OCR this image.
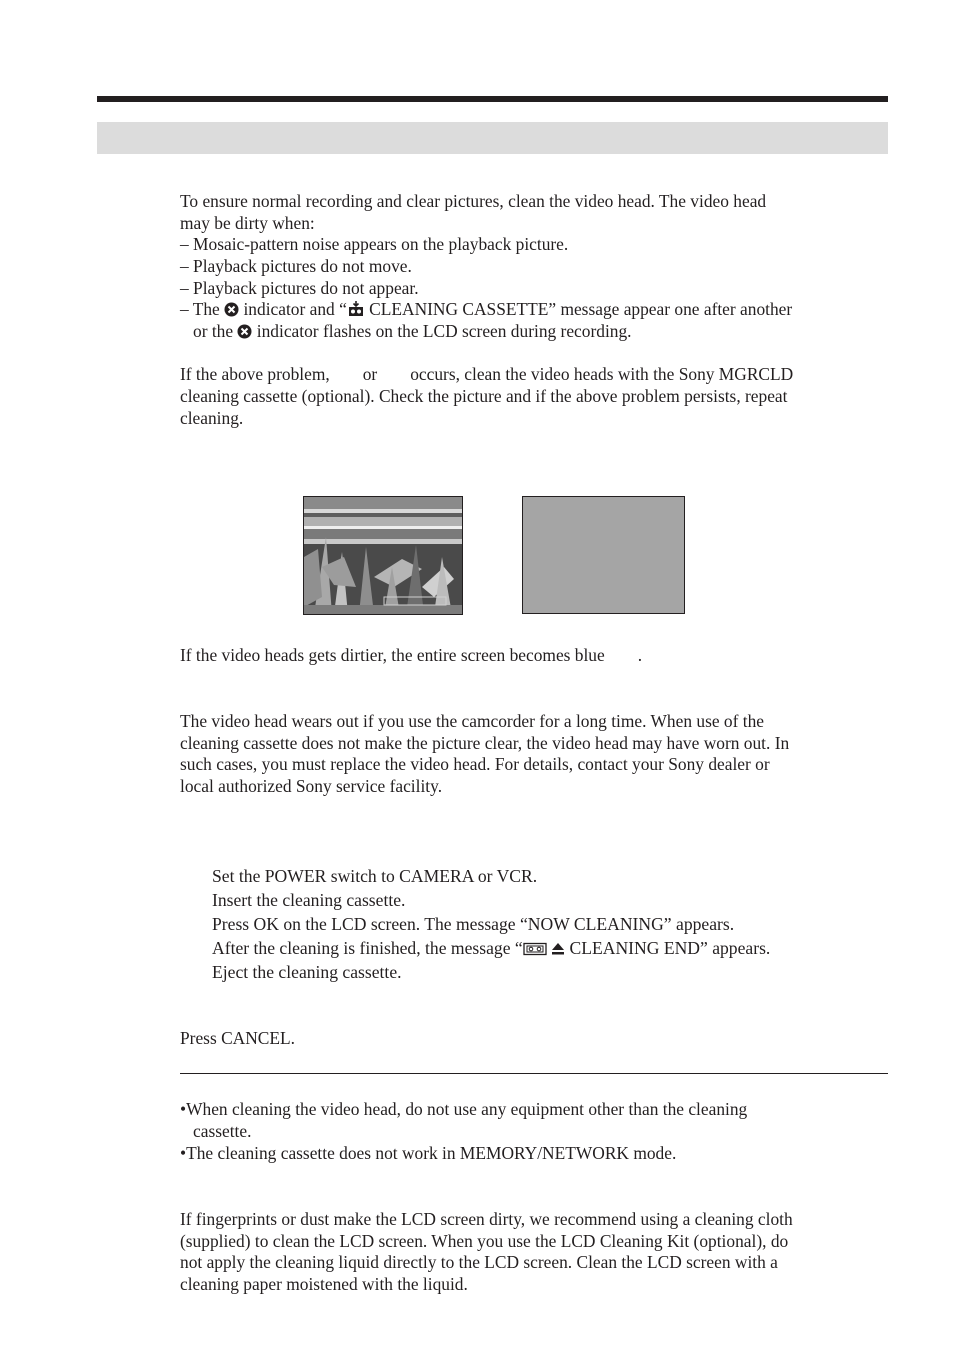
To ensure normal recording and clear pictures, clean the video head. The video head

may be dirty when:

– Mosaic-pattern noise appears on the playback picture.

– Playback pictures do not move.

– Playback pictures do not appear.

– The  indicator and “ CLEANING CASSETTE” message appear one after another

or the  indicator flashes on the LCD screen during recording.

If the above problem, or occurs, clean the video heads with the Sony MGRCLD

cleaning cassette (optional). Check the picture and if the above problem persists, repeat

cleaning.

If the video heads gets dirtier, the entire screen becomes blue .

The video head wears out if you use the camcorder for a long time. When use of the

cleaning cassette does not make the picture clear, the video head may have worn out. In

such cases, you must replace the video head. For details, contact your Sony dealer or

local authorized Sony service facility.

Set the POWER switch to CAMERA or VCR.

Insert the cleaning cassette.

Press OK on the LCD screen. The message “NOW CLEANING” appears.

After the cleaning is finished, the message “  CLEANING END” appears.

Eject the cleaning cassette.

Press CANCEL.

•When cleaning the video head, do not use any equipment other than the cleaning

cassette.

•The cleaning cassette does not work in MEMORY/NETWORK mode.

If fingerprints or dust make the LCD screen dirty, we recommend using a cleaning cloth

(supplied) to clean the LCD screen. When you use the LCD Cleaning Kit (optional), do

not apply the cleaning liquid directly to the LCD screen. Clean the LCD screen with a

cleaning paper moistened with the liquid.
